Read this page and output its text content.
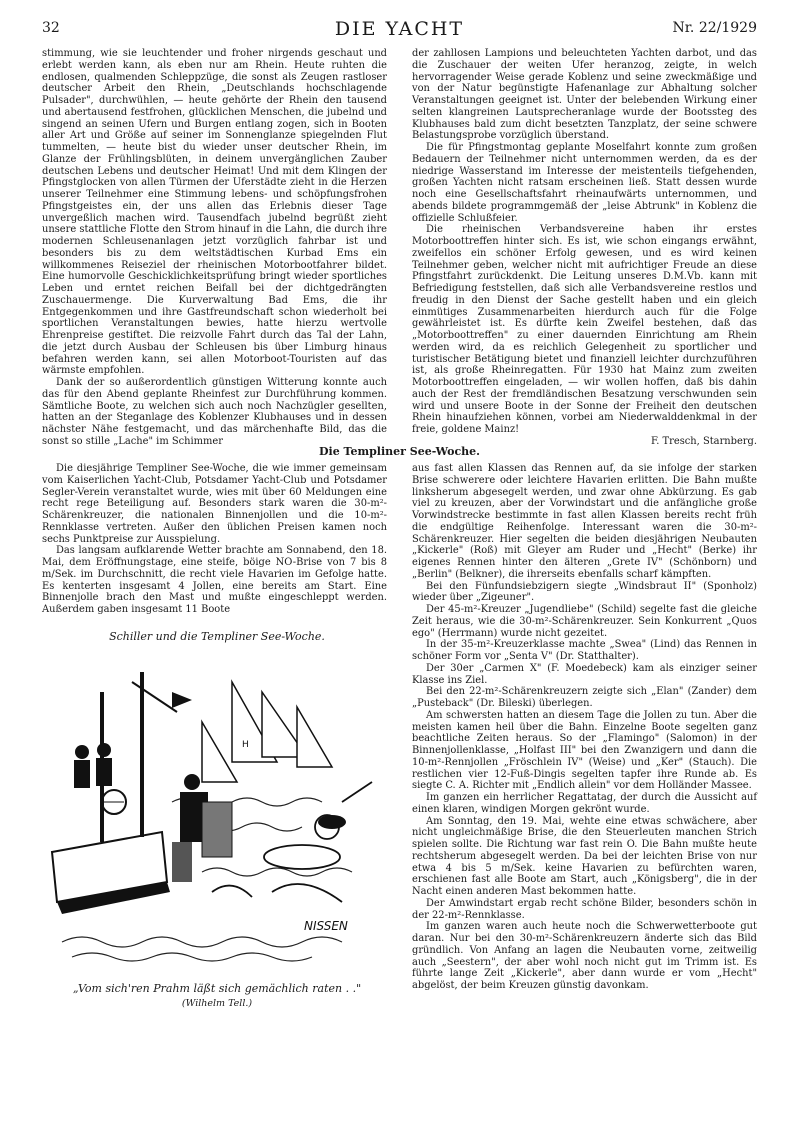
32	DIE YACHT	Nr. 22/1929

stimmung, wie sie leuchtender und froher nirgends geschaut und erlebt werden kann, als eben nur am Rhein. Heute ruhten die endlosen, qualmenden Schleppzüge, die sonst als Zeugen rastloser deutscher Arbeit den Rhein, „Deutschlands hochschlagende Pulsader", durchwühlen, — heute gehörte der Rhein den tausend und abertausend festfrohen, glücklichen Menschen, die jubelnd und singend an seinen Ufern und Burgen entlang zogen, sich in Booten aller Art und Größe auf seiner im Sonnenglanze spiegelnden Flut tummelten, — heute bist du wieder unser deutscher Rhein, im Glanze der Frühlingsblüten, in deinem unvergänglichen Zauber deutschen Lebens und deutscher Heimat! Und mit dem Klingen der Pfingstglocken von allen Türmen der Uferstädte zieht in die Herzen unserer Teilnehmer eine Stimmung lebens- und schöpfungsfrohen Pfingstgeistes ein, der uns allen das Erlebnis dieser Tage unvergeßlich machen wird. Tausendfach jubelnd begrüßt zieht unsere stattliche Flotte den Strom hinauf in die Lahn, die durch ihre modernen Schleusenanlagen jetzt vorzüglich fahrbar ist und besonders bis zu dem weltstädtischen Kurbad Ems ein willkommenes Reiseziel der rheinischen Motorbootfahrer bildet. Eine humorvolle Geschicklichkeitsprüfung bringt wieder sportliches Leben und erntet reichen Beifall bei der dichtgedrängten Zuschauermenge. Die Kurverwaltung Bad Ems, die ihr Entgegenkommen und ihre Gastfreundschaft schon wiederholt bei sportlichen Veranstaltungen bewies, hatte hierzu wertvolle Ehrenpreise gestiftet. Die reizvolle Fahrt durch das Tal der Lahn, die jetzt durch Ausbau der Schleusen bis über Limburg hinaus befahren werden kann, sei allen Motorboot-Touristen auf das wärmste empfohlen.

Dank der so außerordentlich günstigen Witterung konnte auch das für den Abend geplante Rheinfest zur Durchführung kommen. Sämtliche Boote, zu welchen sich auch noch Nachzügler gesellten, hatten an der Steganlage des Koblenzer Klubhauses und in dessen nächster Nähe festgemacht, und das märchenhafte Bild, das die sonst so stille „Lache" im Schimmer

der zahllosen Lampions und beleuchteten Yachten darbot, und das die Zuschauer der weiten Ufer heranzog, zeigte, in welch hervorragender Weise gerade Koblenz und seine zweckmäßige und von der Natur begünstigte Hafenanlage zur Abhaltung solcher Veranstaltungen geeignet ist. Unter der belebenden Wirkung einer selten klangreinen Lautsprecheranlage wurde der Bootssteg des Klubhauses bald zum dicht besetzten Tanzplatz, der seine schwere Belastungsprobe vorzüglich überstand.

Die für Pfingstmontag geplante Moselfahrt konnte zum großen Bedauern der Teilnehmer nicht unternommen werden, da es der niedrige Wasserstand im Interesse der meistenteils tiefgehenden, großen Yachten nicht ratsam erscheinen ließ. Statt dessen wurde noch eine Gesellschaftsfahrt rheinaufwärts unternommen, und abends bildete programmgemäß der „leise Abtrunk" in Koblenz die offizielle Schlußfeier.

Die rheinischen Verbandsvereine haben ihr erstes Motorboottreffen hinter sich. Es ist, wie schon eingangs erwähnt, zweifellos ein schöner Erfolg gewesen, und es wird keinen Teilnehmer geben, welcher nicht mit aufrichtiger Freude an diese Pfingstfahrt zurückdenkt. Die Leitung unseres D.M.Vb. kann mit Befriedigung feststellen, daß sich alle Verbandsvereine restlos und freudig in den Dienst der Sache gestellt haben und ein gleich einmütiges Zusammenarbeiten hierdurch auch für die Folge gewährleistet ist. Es dürfte kein Zweifel bestehen, daß das „Motorboottreffen" zu einer dauernden Einrichtung am Rhein werden wird, da es reichlich Gelegenheit zu sportlicher und turistischer Betätigung bietet und finanziell leichter durchzuführen ist, als große Rheinregatten. Für 1930 hat Mainz zum zweiten Motorboottreffen eingeladen, — wir wollen hoffen, daß bis dahin auch der Rest der fremdländischen Besatzung verschwunden sein wird und unsere Boote in der Sonne der Freiheit den deutschen Rhein hinaufziehen können, vorbei am Niederwalddenkmal in der freie, goldene Mainz!

F. Tresch, Starnberg.

Die Templiner See-Woche.

Die diesjährige Templiner See-Woche, die wie immer gemeinsam vom Kaiserlichen Yacht-Club, Potsdamer Yacht-Club und Potsdamer Segler-Verein veranstaltet wurde, wies mit über 60 Meldungen eine recht rege Beteiligung auf. Besonders stark waren die 30-m²-Schärenkreuzer, die nationalen Binnenjollen und die 10-m²-Rennklasse vertreten. Außer den üblichen Preisen kamen noch sechs Punktpreise zur Ausspielung.

Das langsam aufklarende Wetter brachte am Sonnabend, den 18. Mai, dem Eröffnungstage, eine steife, böige NO-Brise von 7 bis 8 m/Sek. im Durchschnitt, die recht viele Havarien im Gefolge hatte. Es kenterten insgesamt 4 Jollen, eine bereits am Start. Eine Binnenjolle brach den Mast und mußte eingeschleppt werden. Außerdem gaben insgesamt 11 Boote

Schiller und die Templiner See-Woche.
H
NISSEN
„Vom sich'ren Prahm läßt sich gemächlich raten . ."
(Wilhelm Tell.)

aus fast allen Klassen das Rennen auf, da sie infolge der starken Brise schwerere oder leichtere Havarien erlitten. Die Bahn mußte linksherum abgesegelt werden, und zwar ohne Abkürzung. Es gab viel zu kreuzen, aber der Vorwindstart und die anfängliche große Vorwindstrecke bestimmte in fast allen Klassen bereits recht früh die endgültige Reihenfolge. Interessant waren die 30-m²-Schärenkreuzer. Hier segelten die beiden diesjährigen Neubauten „Kickerle" (Roß) mit Gleyer am Ruder und „Hecht" (Berke) ihr eigenes Rennen hinter den älteren „Grete IV" (Schönborn) und „Berlin" (Belkner), die ihrerseits ebenfalls scharf kämpften.

Bei den Fünfundsiebzigern siegte „Windsbraut II" (Sponholz) wieder über „Zigeuner".

Der 45-m²-Kreuzer „Jugendliebe" (Schild) segelte fast die gleiche Zeit heraus, wie die 30-m²-Schärenkreuzer. Sein Konkurrent „Quos ego" (Herrmann) wurde nicht gezeitet.

In der 35-m²-Kreuzerklasse machte „Swea" (Lind) das Rennen in schöner Form vor „Senta V" (Dr. Statthalter).

Der 30er „Carmen X" (F. Moedebeck) kam als einziger seiner Klasse ins Ziel.

Bei den 22-m²-Schärenkreuzern zeigte sich „Elan" (Zander) dem „Pusteback" (Dr. Bileski) überlegen.

Am schwersten hatten an diesem Tage die Jollen zu tun. Aber die meisten kamen heil über die Bahn. Einzelne Boote segelten ganz beachtliche Zeiten heraus. So der „Flamingo" (Salomon) in der Binnenjollenklasse, „Holfast III" bei den Zwanzigern und dann die 10-m²-Rennjollen „Fröschlein IV" (Weise) und „Ker" (Stauch). Die restlichen vier 12-Fuß-Dingis segelten tapfer ihre Runde ab. Es siegte C. A. Richter mit „Endlich allein" vor dem Holländer Massee.

Im ganzen ein herrlicher Regattatag, der durch die Aussicht auf einen klaren, windigen Morgen gekrönt wurde.

Am Sonntag, den 19. Mai, wehte eine etwas schwächere, aber nicht ungleichmäßige Brise, die den Steuerleuten manchen Strich spielen sollte. Die Richtung war fast rein O. Die Bahn mußte heute rechtsherum abgesegelt werden. Da bei der leichten Brise von nur etwa 4 bis 5 m/Sek. keine Havarien zu befürchten waren, erschienen fast alle Boote am Start, auch „Königsberg", die in der Nacht einen anderen Mast bekommen hatte.

Der Amwindstart ergab recht schöne Bilder, besonders schön in der 22-m²-Rennklasse.

Im ganzen waren auch heute noch die Schwerwetterboote gut daran. Nur bei den 30-m²-Schärenkreuzern änderte sich das Bild gründlich. Von Anfang an lagen die Neubauten vorne, zeitweilig auch „Seestern", der aber wohl noch nicht gut im Trimm ist. Es führte lange Zeit „Kickerle", aber dann wurde er vom „Hecht" abgelöst, der beim Kreuzen günstig davonkam.
